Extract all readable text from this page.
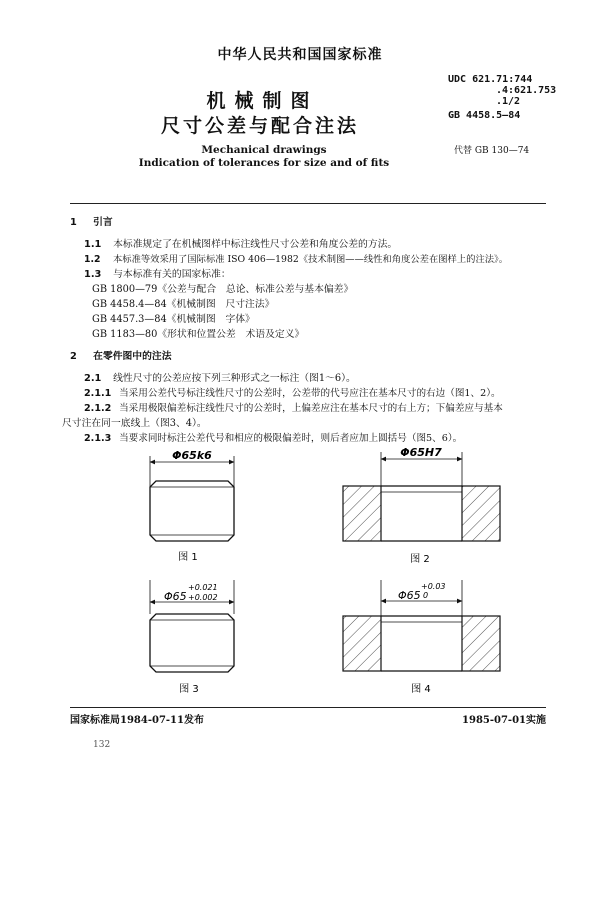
中华人民共和国国家标准
机械制图
尺寸公差与配合注法
UDC 621.71:744
.4:621.753
.1/2
GB 4458.5—84
代替 GB 130—74
Mechanical drawings
Indication of tolerances for size and of fits
1 引言
1.1 本标准规定了在机械图样中标注线性尺寸公差和角度公差的方法。
1.2 本标准等效采用了国际标准 ISO 406—1982《技术制图——线性和角度公差在图样上的注法》。
1.3 与本标准有关的国家标准：
GB 1800—79《公差与配合　总论、标准公差与基本偏差》
GB 4458.4—84《机械制图　尺寸注法》
GB 4457.3—84《机械制图　字体》
GB 1183—80《形状和位置公差　术语及定义》
2 在零件图中的注法
2.1 线性尺寸的公差应按下列三种形式之一标注（图1～6）。
2.1.1 当采用公差代号标注线性尺寸的公差时，公差带的代号应注在基本尺寸的右边（图1、2）。
2.1.2 当采用极限偏差标注线性尺寸的公差时，上偏差应注在基本尺寸的右上方；下偏差应与基本
尺寸注在同一底线上（图3、4）。
2.1.3 当要求同时标注公差代号和相应的极限偏差时，则后者应加上圆括号（图5、6）。
Φ65k6
图 1
Φ65H7
图 2
Φ65
+0.021
+0.002
图 3
Φ65
+0.03
0
图 4
国家标准局1984-07-11发布	1985-07-01实施
132
